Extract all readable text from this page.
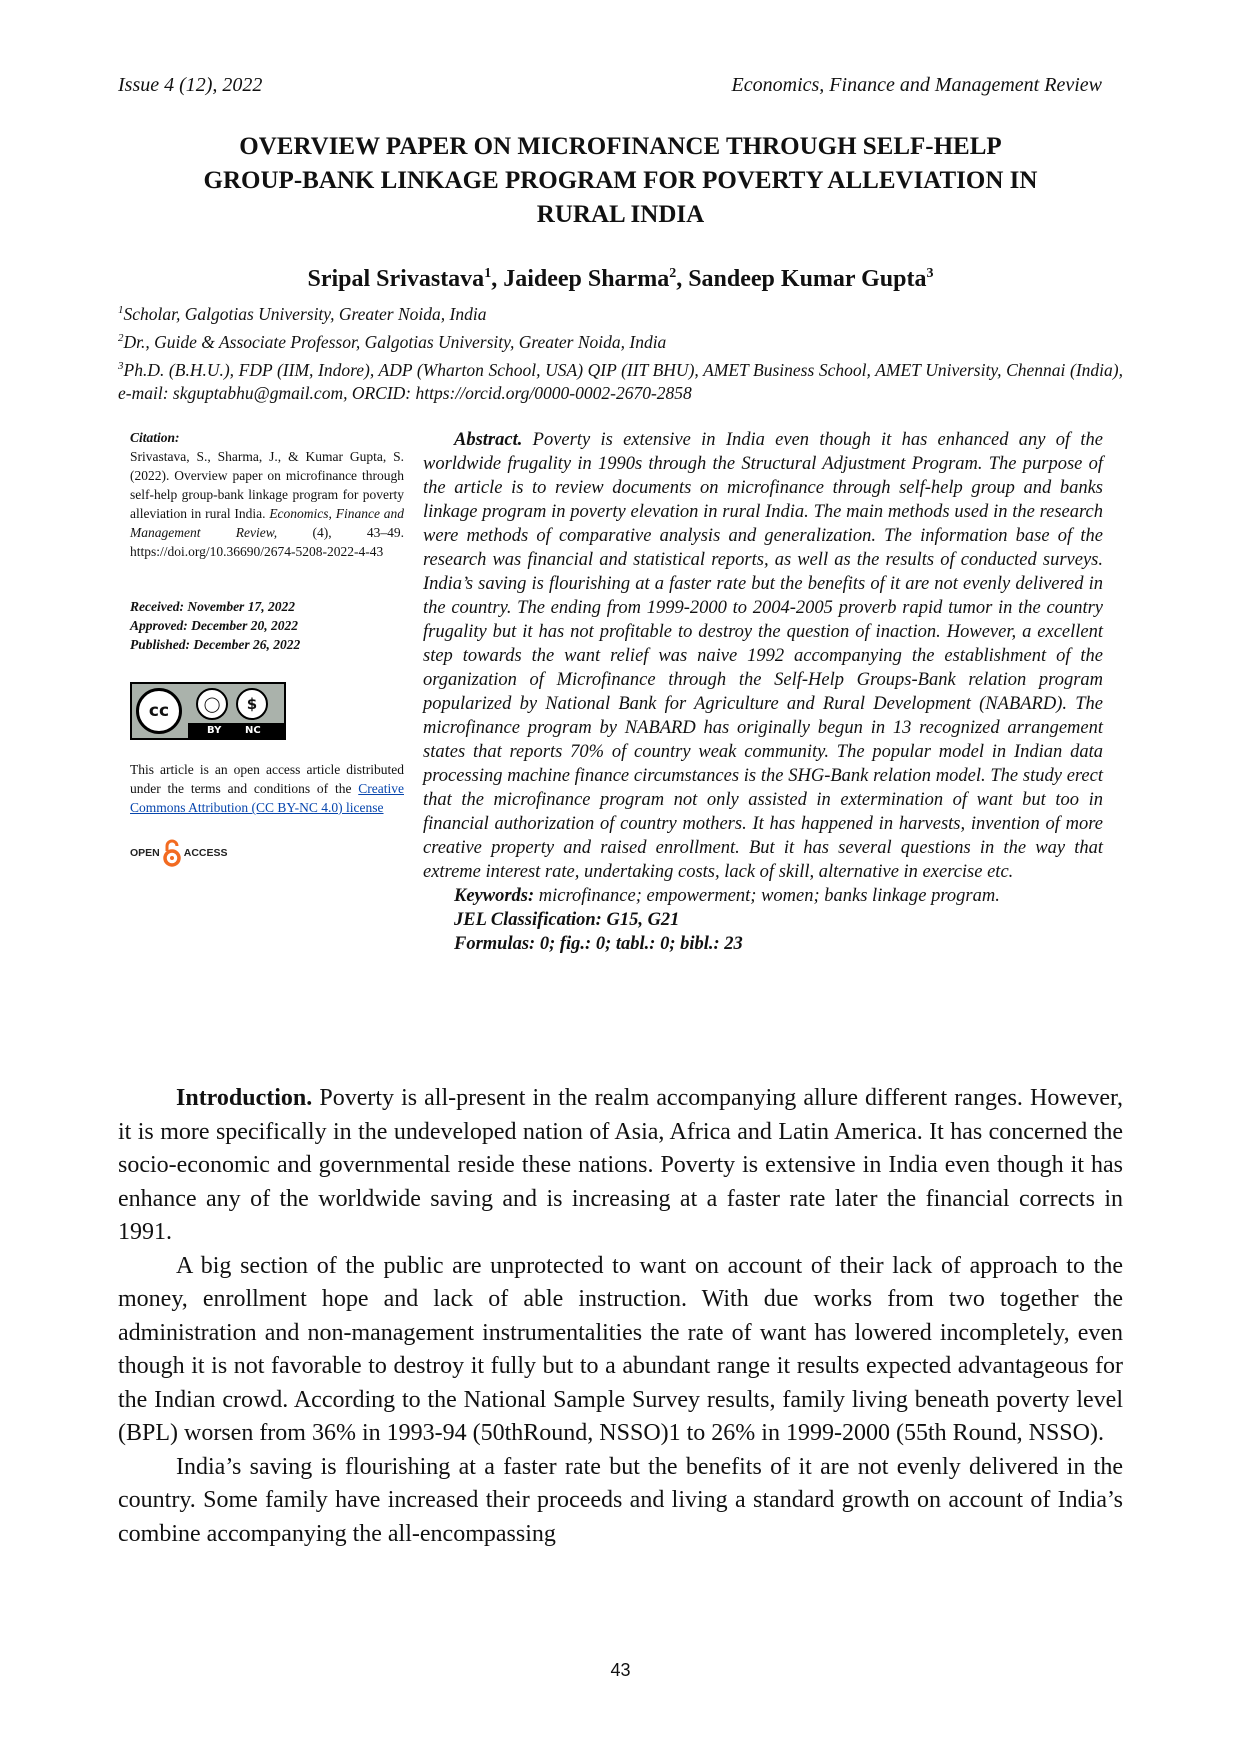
Issue 4 (12), 2022	Economics, Finance and Management Review
OVERVIEW PAPER ON MICROFINANCE THROUGH SELF-HELP
GROUP-BANK LINKAGE PROGRAM FOR POVERTY ALLEVIATION IN
RURAL INDIA
Sripal Srivastava$^1$, Jaideep Sharma$^2$, Sandeep Kumar Gupta$^3$

$^1$Scholar, Galgotias University, Greater Noida, India

$^2$Dr., Guide & Associate Professor, Galgotias University, Greater Noida, India

$^3$Ph.D. (B.H.U.), FDP (IIM, Indore), ADP (Wharton School, USA) QIP (IIT BHU), AMET Business School, AMET University, Chennai (India), e-mail: skguptabhu@gmail.com, ORCID: https://orcid.org/0000-0002-2670-2858

Citation:

Srivastava, S., Sharma, J., & Kumar Gupta, S. (2022). Overview paper on microfinance through self-help group-bank linkage program for poverty alleviation in rural India. Economics, Finance and Management Review,	(4), 43–49. https://doi.org/10.36690/2674-5208-2022-4-43

Received: November 17, 2022
Approved: December 20, 2022
Published: December 26, 2022

cc	◯	$
BY NC

This article is an open access article distributed under the terms and conditions of the Creative Commons Attribution (CC BY-NC 4.0) license

OPEN ACCESS

Abstract. Poverty is extensive in India even though it has enhanced any of the worldwide frugality in 1990s through the Structural Adjustment Program. The purpose of the article is to review documents on microfinance through self-help group and banks linkage program in poverty elevation in rural India. The main methods used in the research were methods of comparative analysis and generalization. The information base of the research was financial and statistical reports, as well as the results of conducted surveys. India’s saving is flourishing at a faster rate but the benefits of it are not evenly delivered in the country. The ending from 1999-2000 to 2004-2005 proverb rapid tumor in the country frugality but it has not profitable to destroy the question of inaction. However, a excellent step towards the want relief was naive 1992 accompanying the establishment of the organization of Microfinance through the Self-Help Groups-Bank relation program popularized by National Bank for Agriculture and Rural Development (NABARD). The microfinance program by NABARD has originally begun in 13 recognized arrangement states that reports 70% of country weak community. The popular model in Indian data processing machine finance circumstances is the SHG-Bank relation model. The study erect that the microfinance program not only assisted in extermination of want but too in financial authorization of country mothers. It has happened in harvests, invention of more creative property and raised enrollment. But it has several questions in the way that extreme interest rate, undertaking costs, lack of skill, alternative in exercise etc.

Keywords: microfinance; empowerment; women; banks linkage program.

JEL Classification: G15, G21

Formulas: 0; fig.: 0; tabl.: 0; bibl.: 23

Introduction. Poverty is all-present in the realm accompanying allure different ranges. However, it is more specifically in the undeveloped nation of Asia, Africa and Latin America. It has concerned the socio-economic and governmental reside these nations. Poverty is extensive in India even though it has enhance any of the worldwide saving and is increasing at a faster rate later the financial corrects in 1991.

A big section of the public are unprotected to want on account of their lack of approach to the money, enrollment hope and lack of able instruction. With due works from two together the administration and non-management instrumentalities the rate of want has lowered incompletely, even though it is not favorable to destroy it fully but to a abundant range it results expected advantageous for the Indian crowd. According to the National Sample Survey results, family living beneath poverty level (BPL) worsen from 36% in 1993-94 (50thRound, NSSO)1 to 26% in 1999-2000 (55th Round, NSSO).

India’s saving is flourishing at a faster rate but the benefits of it are not evenly delivered in the country. Some family have increased their proceeds and living a standard growth on account of India’s combine accompanying the all-encompassing

43
